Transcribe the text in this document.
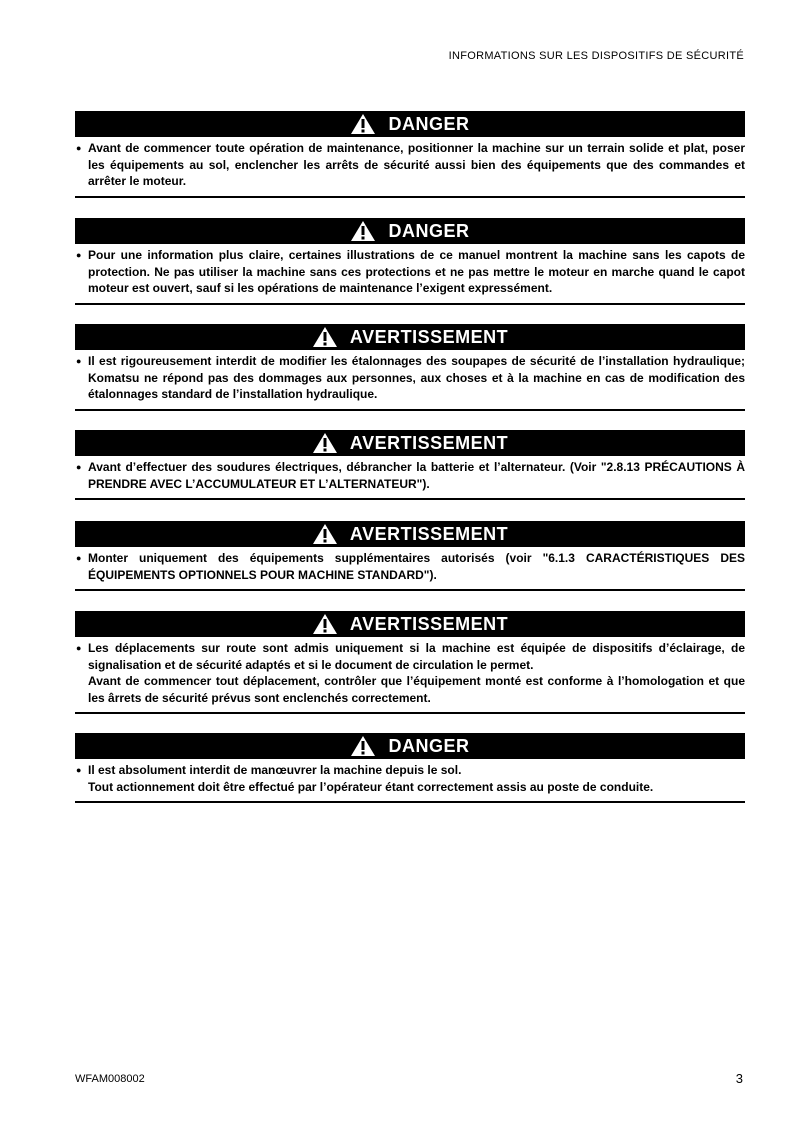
INFORMATIONS SUR LES DISPOSITIFS DE SÉCURITÉ
DANGER
● Avant de commencer toute opération de maintenance, positionner la machine sur un terrain solide et plat, poser les équipements au sol, enclencher les arrêts de sécurité aussi bien des équipements que des commandes et arrêter le moteur.

DANGER
● Pour une information plus claire, certaines illustrations de ce manuel montrent la machine sans les capots de protection. Ne pas utiliser la machine sans ces protections et ne pas mettre le moteur en marche quand le capot moteur est ouvert, sauf si les opérations de maintenance l’exigent expressément.

AVERTISSEMENT
● Il est rigoureusement interdit de modifier les étalonnages des soupapes de sécurité de l’installation hydraulique; Komatsu ne répond pas des dommages aux personnes, aux choses et à la machine en cas de modification des étalonnages standard de l’installation hydraulique.

AVERTISSEMENT
● Avant d’effectuer des soudures électriques, débrancher la batterie et l’alternateur. (Voir "2.8.13 PRÉCAUTIONS À PRENDRE AVEC L’ACCUMULATEUR ET L’ALTERNATEUR").

AVERTISSEMENT
● Monter uniquement des équipements supplémentaires autorisés (voir "6.1.3 CARACTÉRISTIQUES DES ÉQUIPEMENTS OPTIONNELS POUR MACHINE STANDARD").

AVERTISSEMENT
● Les déplacements sur route sont admis uniquement si la machine est équipée de dispositifs d’éclairage, de signalisation et de sécurité adaptés et si le document de circulation le permet.

Avant de commencer tout déplacement, contrôler que l’équipement monté est conforme à l’homologation et que les ârrets de sécurité prévus sont enclenchés correctement.

DANGER
● Il est absolument interdit de manœuvrer la machine depuis le sol.

Tout actionnement doit être effectué par l’opérateur étant correctement assis au poste de conduite.

WFAM008002	3
